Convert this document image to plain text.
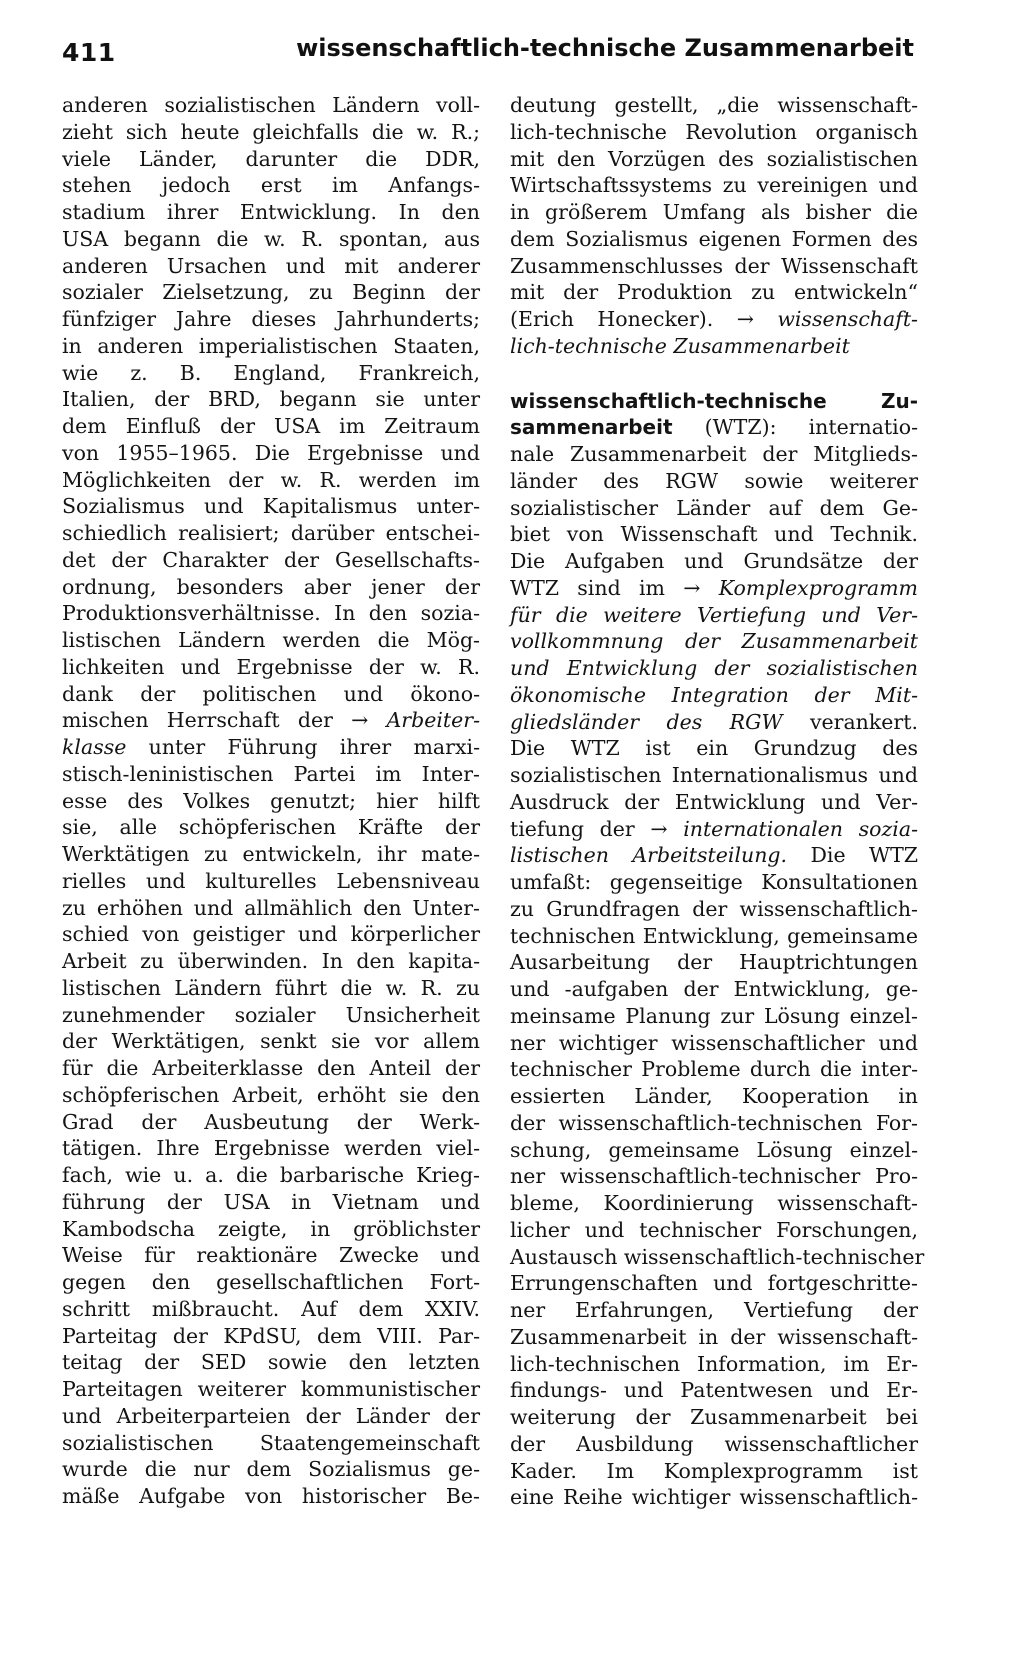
411	wissenschaftlich-technische Zusammenarbeit
anderen sozialistischen Ländern voll-
zieht sich heute gleichfalls die w. R.;
viele Länder, darunter die DDR,
stehen jedoch erst im Anfangs-
stadium ihrer Entwicklung. In den
USA begann die w. R. spontan, aus
anderen Ursachen und mit anderer
sozialer Zielsetzung, zu Beginn der
fünfziger Jahre dieses Jahrhunderts;
in anderen imperialistischen Staaten,
wie z. B. England, Frankreich,
Italien, der BRD, begann sie unter
dem Einfluß der USA im Zeitraum
von 1955–1965. Die Ergebnisse und
Möglichkeiten der w. R. werden im
Sozialismus und Kapitalismus unter-
schiedlich realisiert; darüber entschei-
det der Charakter der Gesellschafts-
ordnung, besonders aber jener der
Produktionsverhältnisse. In den sozia-
listischen Ländern werden die Mög-
lichkeiten und Ergebnisse der w. R.
dank der politischen und ökono-
mischen Herrschaft der → Arbeiter-
klasse unter Führung ihrer marxi-
stisch-leninistischen Partei im Inter-
esse des Volkes genutzt; hier hilft
sie, alle schöpferischen Kräfte der
Werktätigen zu entwickeln, ihr mate-
rielles und kulturelles Lebensniveau
zu erhöhen und allmählich den Unter-
schied von geistiger und körperlicher
Arbeit zu überwinden. In den kapita-
listischen Ländern führt die w. R. zu
zunehmender sozialer Unsicherheit
der Werktätigen, senkt sie vor allem
für die Arbeiterklasse den Anteil der
schöpferischen Arbeit, erhöht sie den
Grad der Ausbeutung der Werk-
tätigen. Ihre Ergebnisse werden viel-
fach, wie u. a. die barbarische Krieg-
führung der USA in Vietnam und
Kambodscha zeigte, in gröblichster
Weise für reaktionäre Zwecke und
gegen den gesellschaftlichen Fort-
schritt mißbraucht. Auf dem XXIV.
Parteitag der KPdSU, dem VIII. Par-
teitag der SED sowie den letzten
Parteitagen weiterer kommunistischer
und Arbeiterparteien der Länder der
sozialistischen Staatengemeinschaft
wurde die nur dem Sozialismus ge-
mäße Aufgabe von historischer Be-
deutung gestellt, „die wissenschaft-
lich-technische Revolution organisch
mit den Vorzügen des sozialistischen
Wirtschaftssystems zu vereinigen und
in größerem Umfang als bisher die
dem Sozialismus eigenen Formen des
Zusammenschlusses der Wissenschaft
mit der Produktion zu entwickeln“
(Erich Honecker). → wissenschaft-
lich-technische Zusammenarbeit
wissenschaftlich-technische Zu-
sammenarbeit (WTZ): internatio-
nale Zusammenarbeit der Mitglieds-
länder des RGW sowie weiterer
sozialistischer Länder auf dem Ge-
biet von Wissenschaft und Technik.
Die Aufgaben und Grundsätze der
WTZ sind im → Komplexprogramm
für die weitere Vertiefung und Ver-
vollkommnung der Zusammenarbeit
und Entwicklung der sozialistischen
ökonomische Integration der Mit-
gliedsländer des RGW verankert.
Die WTZ ist ein Grundzug des
sozialistischen Internationalismus und
Ausdruck der Entwicklung und Ver-
tiefung der → internationalen sozia-
listischen Arbeitsteilung. Die WTZ
umfaßt: gegenseitige Konsultationen
zu Grundfragen der wissenschaftlich-
technischen Entwicklung, gemeinsame
Ausarbeitung der Hauptrichtungen
und -aufgaben der Entwicklung, ge-
meinsame Planung zur Lösung einzel-
ner wichtiger wissenschaftlicher und
technischer Probleme durch die inter-
essierten Länder, Kooperation in
der wissenschaftlich-technischen For-
schung, gemeinsame Lösung einzel-
ner wissenschaftlich-technischer Pro-
bleme, Koordinierung wissenschaft-
licher und technischer Forschungen,
Austausch wissenschaftlich-technischer
Errungenschaften und fortgeschritte-
ner Erfahrungen, Vertiefung der
Zusammenarbeit in der wissenschaft-
lich-technischen Information, im Er-
findungs- und Patentwesen und Er-
weiterung der Zusammenarbeit bei
der Ausbildung wissenschaftlicher
Kader. Im Komplexprogramm ist
eine Reihe wichtiger wissenschaftlich-
